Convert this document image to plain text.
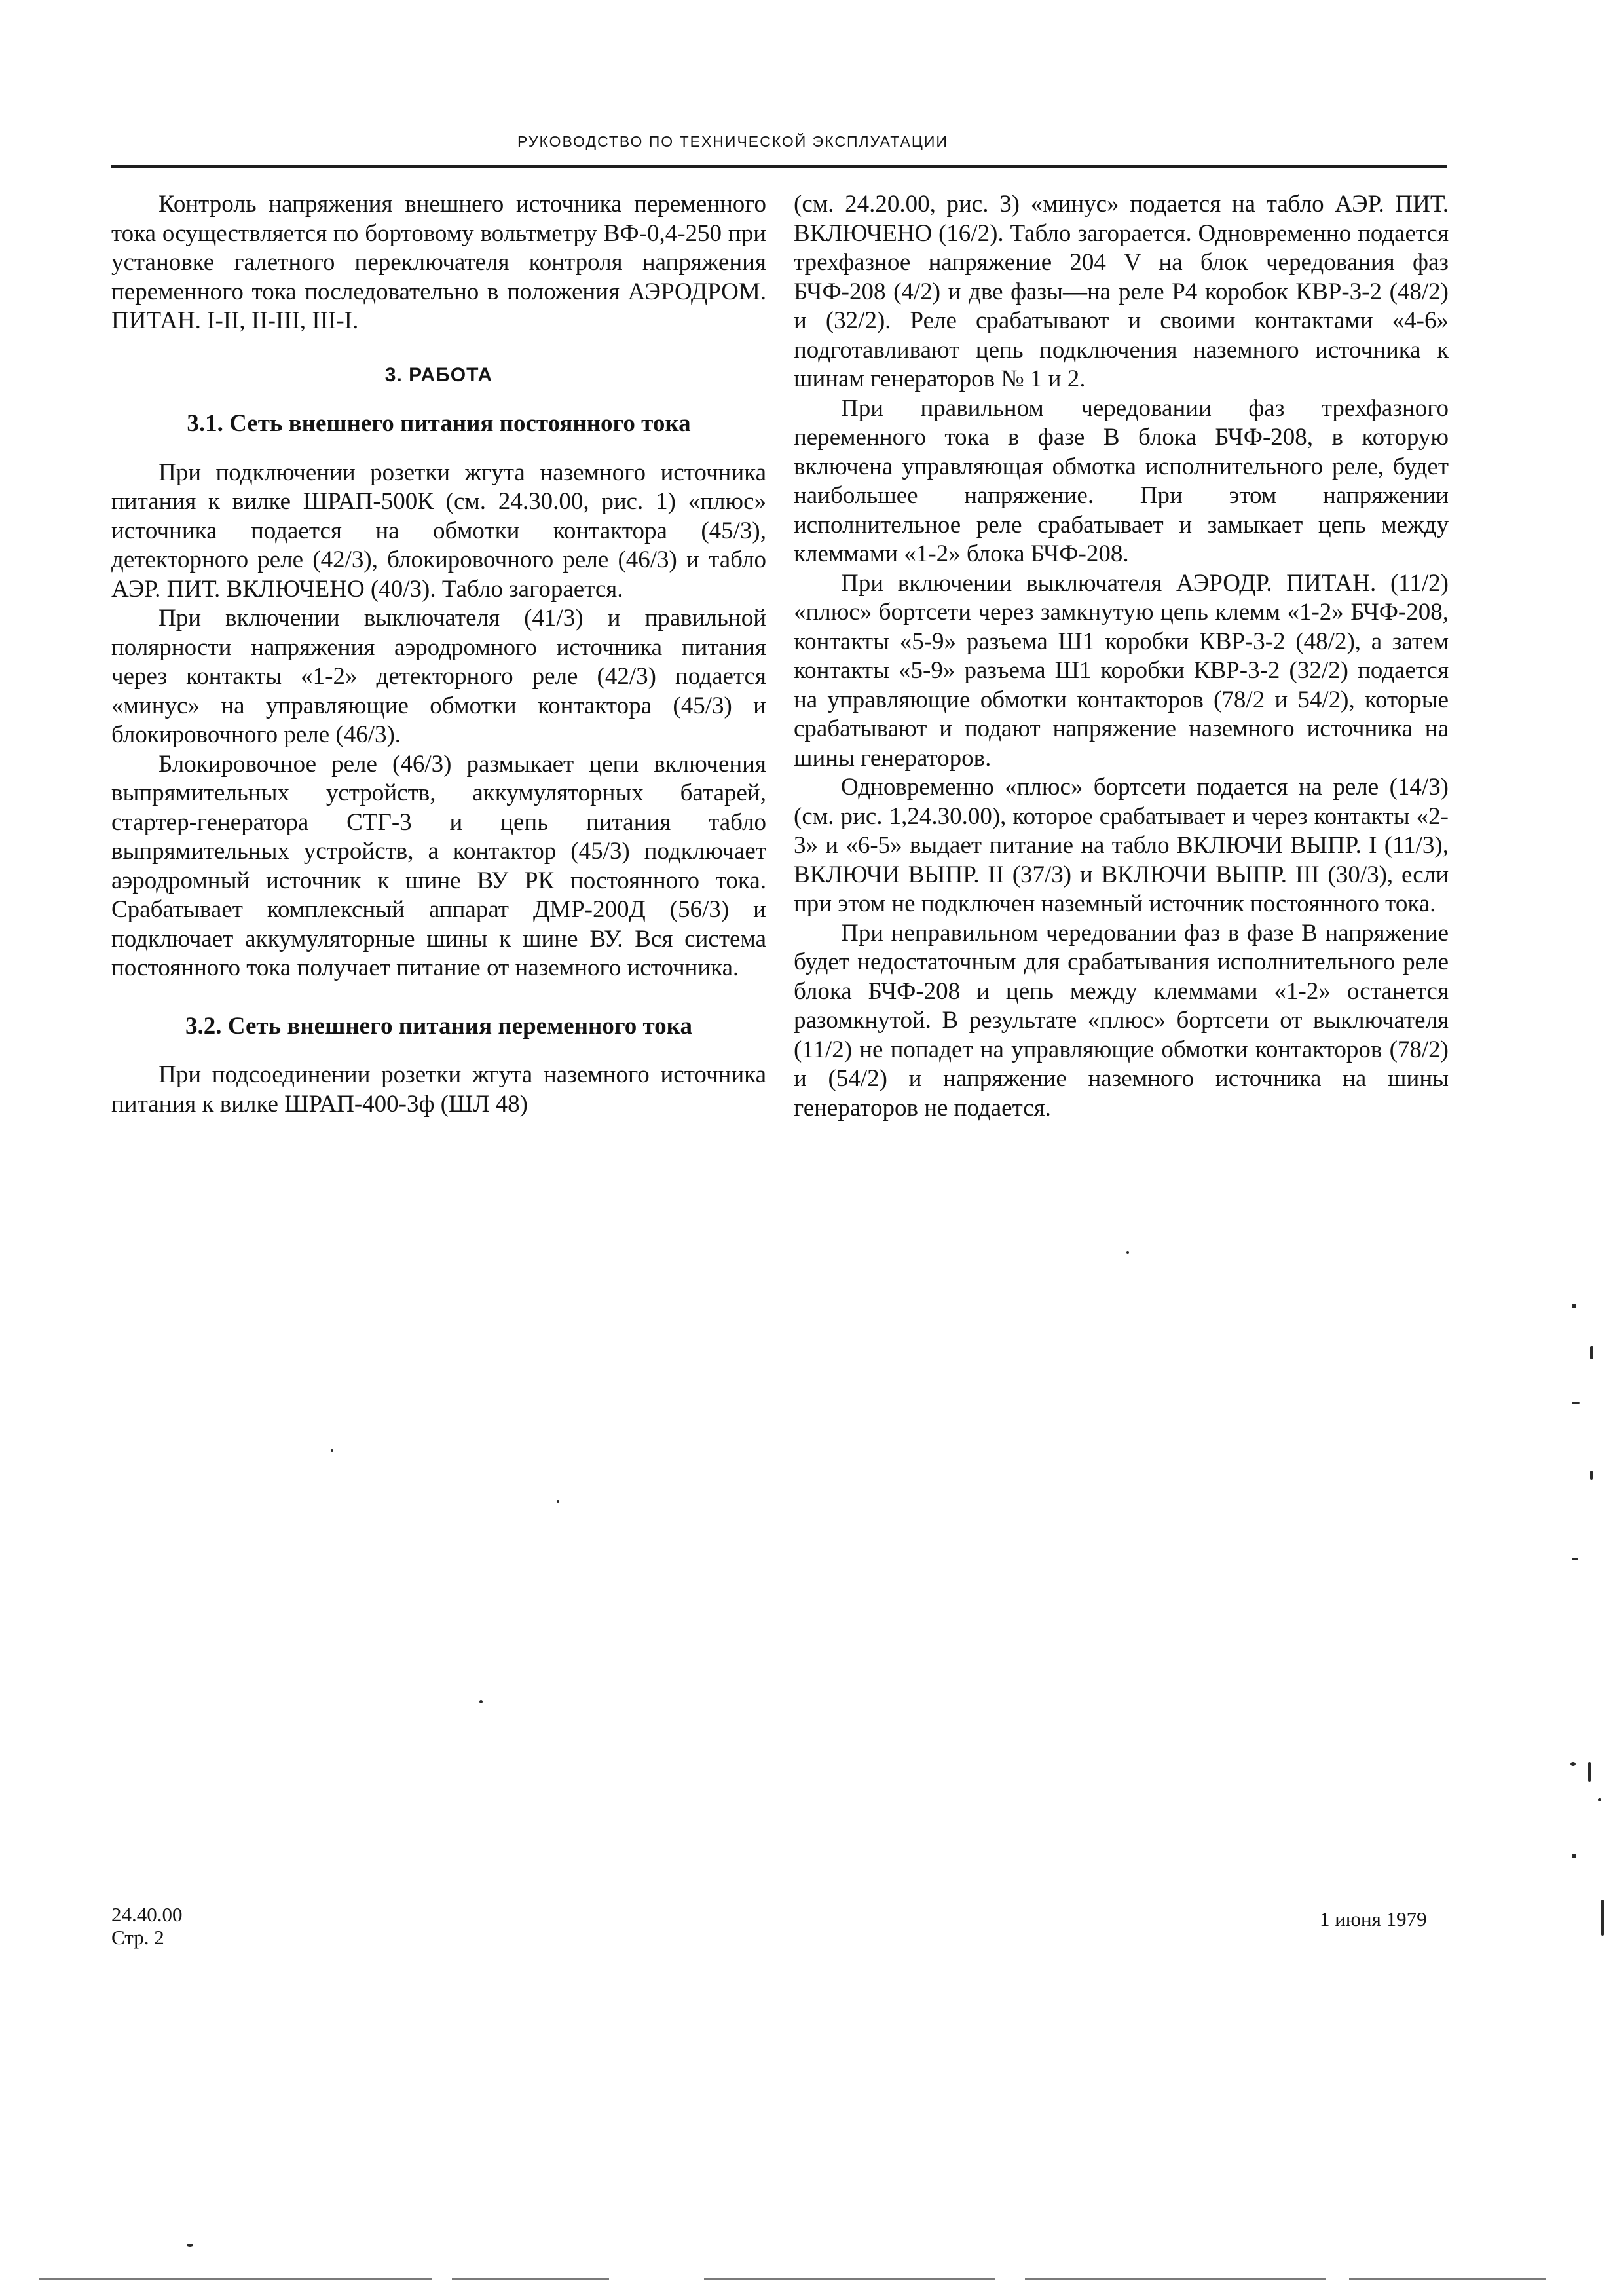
РУКОВОДСТВО ПО ТЕХНИЧЕСКОЙ ЭКСПЛУАТАЦИИ

Контроль напряжения внешнего источника переменного тока осуществляется по бортовому вольтметру ВФ-0,4-250 при установке галетного переключателя контроля напряжения переменного тока последовательно в положения АЭРОДРОМ. ПИТАН. I-II, II-III, III-I.

3. РАБОТА
3.1. Сеть внешнего питания постоянного тока

При подключении розетки жгута наземного источника питания к вилке ШРАП-500К (см. 24.30.00, рис. 1) «плюс» источника подается на обмотки контактора (45/3), детекторного реле (42/3), блокировочного реле (46/3) и табло АЭР. ПИТ. ВКЛЮЧЕНО (40/3). Табло загорается.

При включении выключателя (41/3) и правильной полярности напряжения аэродромного источника питания через контакты «1-2» детекторного реле (42/3) подается «минус» на управляющие обмотки контактора (45/3) и блокировочного реле (46/3).

Блокировочное реле (46/3) размыкает цепи включения выпрямительных устройств, аккумуляторных батарей, стартер-генератора СТГ-3 и цепь питания табло выпрямительных устройств, а контактор (45/3) подключает аэродромный источник к шине ВУ РК постоянного тока. Срабатывает комплексный аппарат ДМР-200Д (56/3) и подключает аккумуляторные шины к шине ВУ. Вся система постоянного тока получает питание от наземного источника.

3.2. Сеть внешнего питания переменного тока

При подсоединении розетки жгута наземного источника питания к вилке ШРАП-400-3ф (ШЛ 48)

(см. 24.20.00, рис. 3) «минус» подается на табло АЭР. ПИТ. ВКЛЮЧЕНО (16/2). Табло загорается. Одновременно подается трехфазное напряжение 204 V на блок чередования фаз БЧФ-208 (4/2) и две фазы—на реле Р4 коробок КВР-3-2 (48/2) и (32/2). Реле срабатывают и своими контактами «4-6» подготавливают цепь подключения наземного источника к шинам генераторов № 1 и 2.

При правильном чередовании фаз трехфазного переменного тока в фазе В блока БЧФ-208, в которую включена управляющая обмотка исполнительного реле, будет наибольшее напряжение. При этом напряжении исполнительное реле срабатывает и замыкает цепь между клеммами «1-2» блока БЧФ-208.

При включении выключателя АЭРОДР. ПИТАН. (11/2) «плюс» бортсети через замкнутую цепь клемм «1-2» БЧФ-208, контакты «5-9» разъема Ш1 коробки КВР-3-2 (48/2), а затем контакты «5-9» разъема Ш1 коробки КВР-3-2 (32/2) подается на управляющие обмотки контакторов (78/2 и 54/2), которые срабатывают и подают напряжение наземного источника на шины генераторов.

Одновременно «плюс» бортсети подается на реле (14/3) (см. рис. 1,24.30.00), которое срабатывает и через контакты «2-3» и «6-5» выдает питание на табло ВКЛЮЧИ ВЫПР. I (11/3), ВКЛЮЧИ ВЫПР. II (37/3) и ВКЛЮЧИ ВЫПР. III (30/3), если при этом не подключен наземный источник постоянного тока.

При неправильном чередовании фаз в фазе В напряжение будет недостаточным для срабатывания исполнительного реле блока БЧФ-208 и цепь между клеммами «1-2» останется разомкнутой. В результате «плюс» бортсети от выключателя (11/2) не попадет на управляющие обмотки контакторов (78/2) и (54/2) и напряжение наземного источника на шины генераторов не подается.

24.40.00
Стр. 2
1 июня 1979
